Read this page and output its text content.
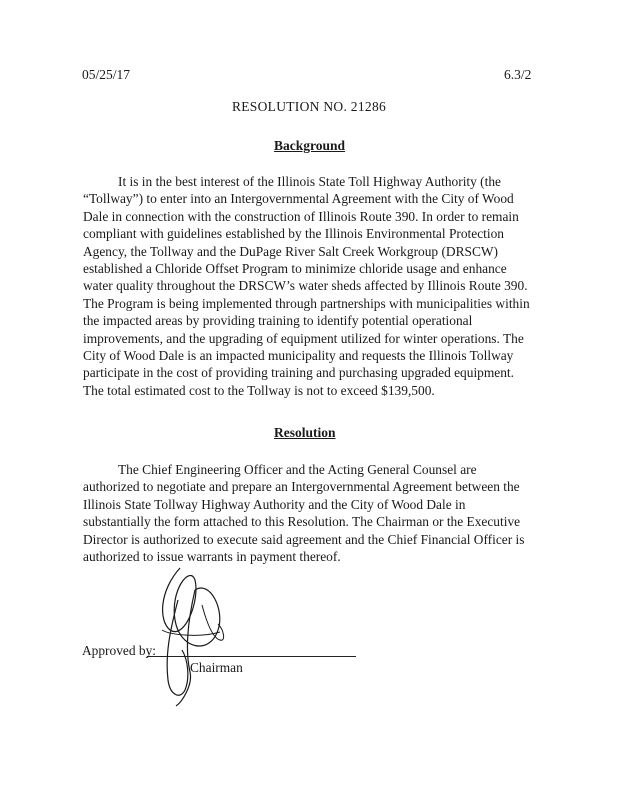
05/25/17	6.3/2
RESOLUTION NO. 21286
Background
It is in the best interest of the Illinois State Toll Highway Authority (the
“Tollway”) to enter into an Intergovernmental Agreement with the City of Wood
Dale in connection with the construction of Illinois Route 390. In order to remain
compliant with guidelines established by the Illinois Environmental Protection
Agency, the Tollway and the DuPage River Salt Creek Workgroup (DRSCW)
established a Chloride Offset Program to minimize chloride usage and enhance
water quality throughout the DRSCW’s water sheds affected by Illinois Route 390.
The Program is being implemented through partnerships with municipalities within
the impacted areas by providing training to identify potential operational
improvements, and the upgrading of equipment utilized for winter operations. The
City of Wood Dale is an impacted municipality and requests the Illinois Tollway
participate in the cost of providing training and purchasing upgraded equipment.
The total estimated cost to the Tollway is not to exceed $139,500.
Resolution
The Chief Engineering Officer and the Acting General Counsel are
authorized to negotiate and prepare an Intergovernmental Agreement between the
Illinois State Tollway Highway Authority and the City of Wood Dale in
substantially the form attached to this Resolution. The Chairman or the Executive
Director is authorized to execute said agreement and the Chief Financial Officer is
authorized to issue warrants in payment thereof.
Approved by:
Chairman
